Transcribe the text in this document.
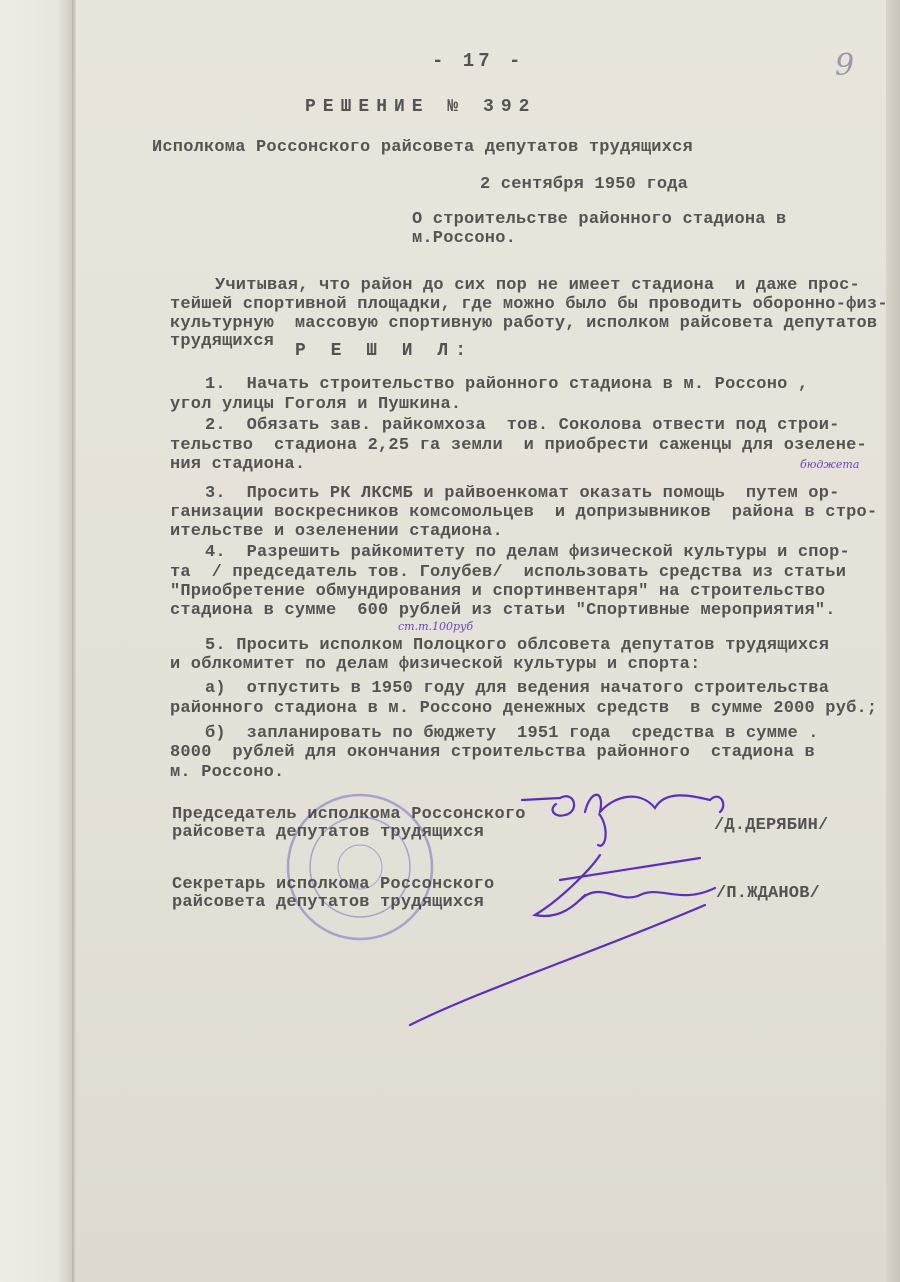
9
- 17 -
РЕШЕНИЕ № 392
Исполкома Россонского райсовета депутатов трудящихся
2 сентября 1950 года
О строительстве районного стадиона в
м.Россоно.
Учитывая, что район до сих пор не имеет стадиона  и даже прос-
тейшей спортивной площадки, где можно было бы проводить оборонно-физ-
культурную  массовую спортивную работу, исполком райсовета депутатов
трудящихся Р Е Ш И Л:
1.  Начать строительство районного стадиона в м. Россоно ,
угол улицы Гоголя и Пушкина.
2.  Обязать зав. райкомхоза  тов. Соколова отвести под строи-
тельство  стадиона 2,25 га земли  и приобрести саженцы для озелене-
ния стадиона.
3.  Просить РК ЛКСМБ и райвоенкомат оказать помощь  путем ор-
ганизации воскресников комсомольцев  и допризывников  района в стро-
ительстве и озеленении стадиона.
4.  Разрешить райкомитету по делам физической культуры и спор-
та  / председатель тов. Голубев/  использовать средства из статьи
"Приобретение обмундирования и спортинвентаря" на строительство
стадиона в сумме  600 рублей из статьи "Спортивные мероприятия".
5. Просить исполком Полоцкого облсовета депутатов трудящихся
и облкомитет по делам физической культуры и спорта:
а)  отпустить в 1950 году для ведения начатого строительства
районного стадиона в м. Россоно денежных средств  в сумме 2000 руб.;
б)  запланировать по бюджету  1951 года  средства в сумме .
8000  рублей для окончания строительства районного  стадиона в
м. Россоно.
бюджета
ст.т.100руб
Председатель исполкома Россонского
райсовета депутатов трудящихся	/Д.ДЕРЯБИН/
Секретарь исполкома Россонского
райсовета депутатов трудящихся	/П.ЖДАНОВ/
